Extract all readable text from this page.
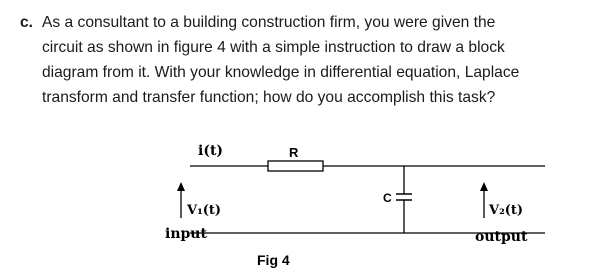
c. As a consultant to a building construction firm, you were given the
circuit as shown in figure 4 with a simple instruction to draw a block
diagram from it. With your knowledge in differential equation, Laplace
transform and transfer function; how do you accomplish this task?
i(t)	R
C
V₁(t)
input
V₂(t)
output
Fig 4
